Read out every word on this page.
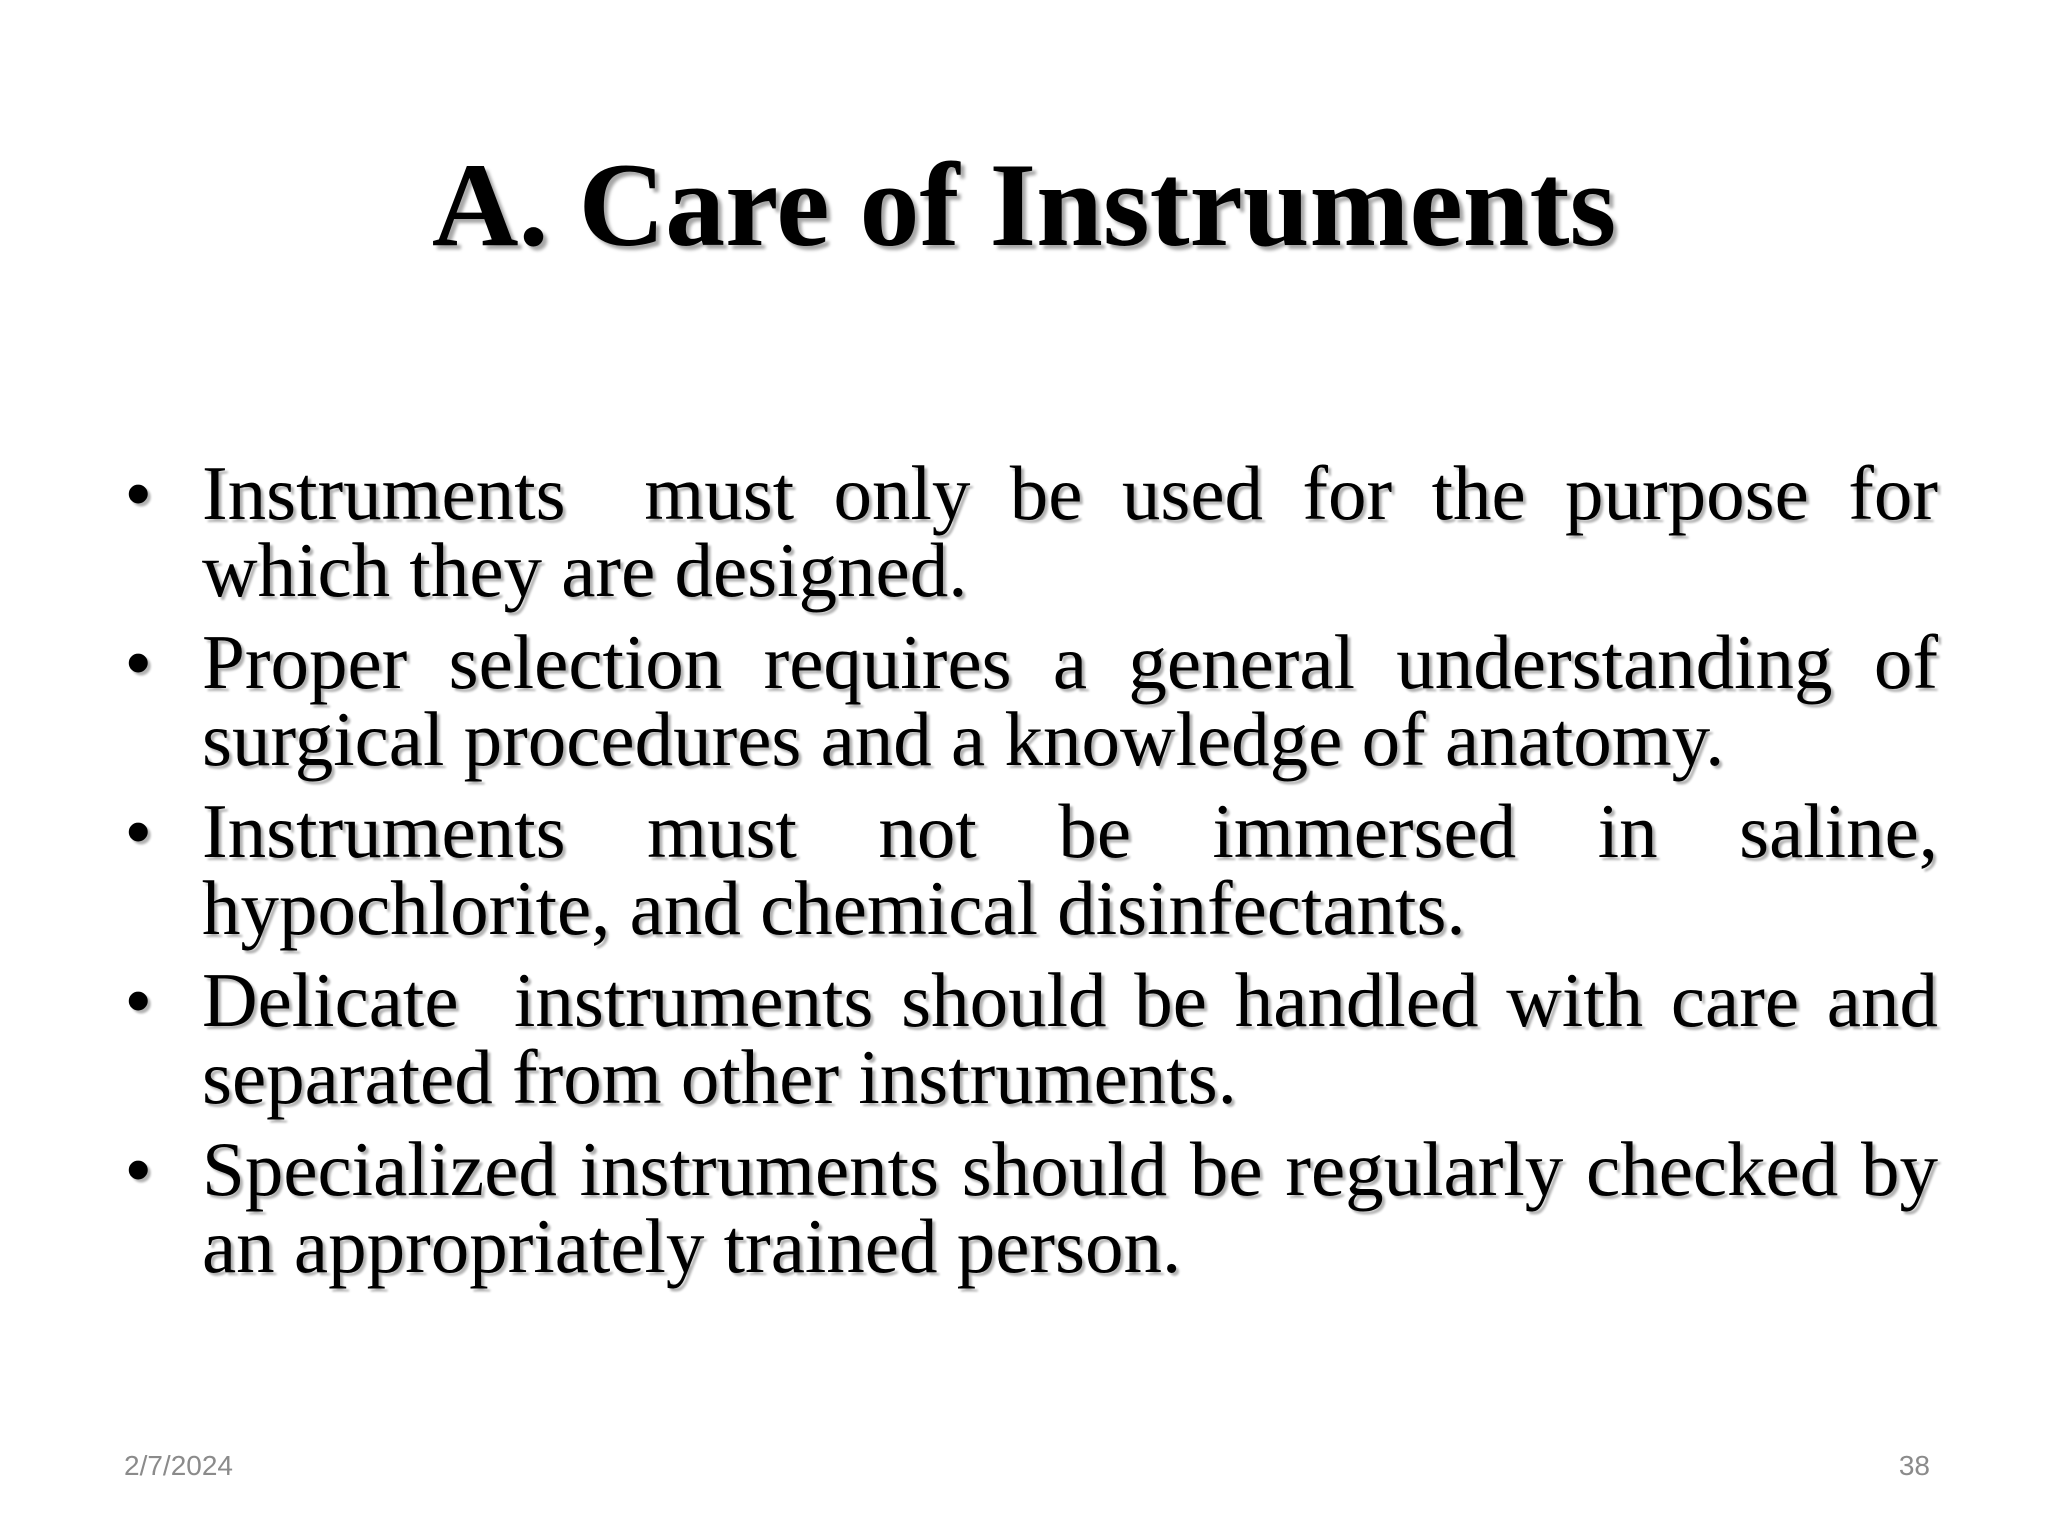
A. Care of Instruments
• Instruments  must only be used for the purpose for which they are designed.
• Proper selection requires a general understanding of surgical procedures and a knowledge of anatomy.
• Instruments must not be immersed in saline, hypochlorite, and chemical disinfectants.
• Delicate  instruments should be handled with care and separated from other instruments.
• Specialized instruments should be regularly checked by an appropriately trained person.
2/7/2024	38
